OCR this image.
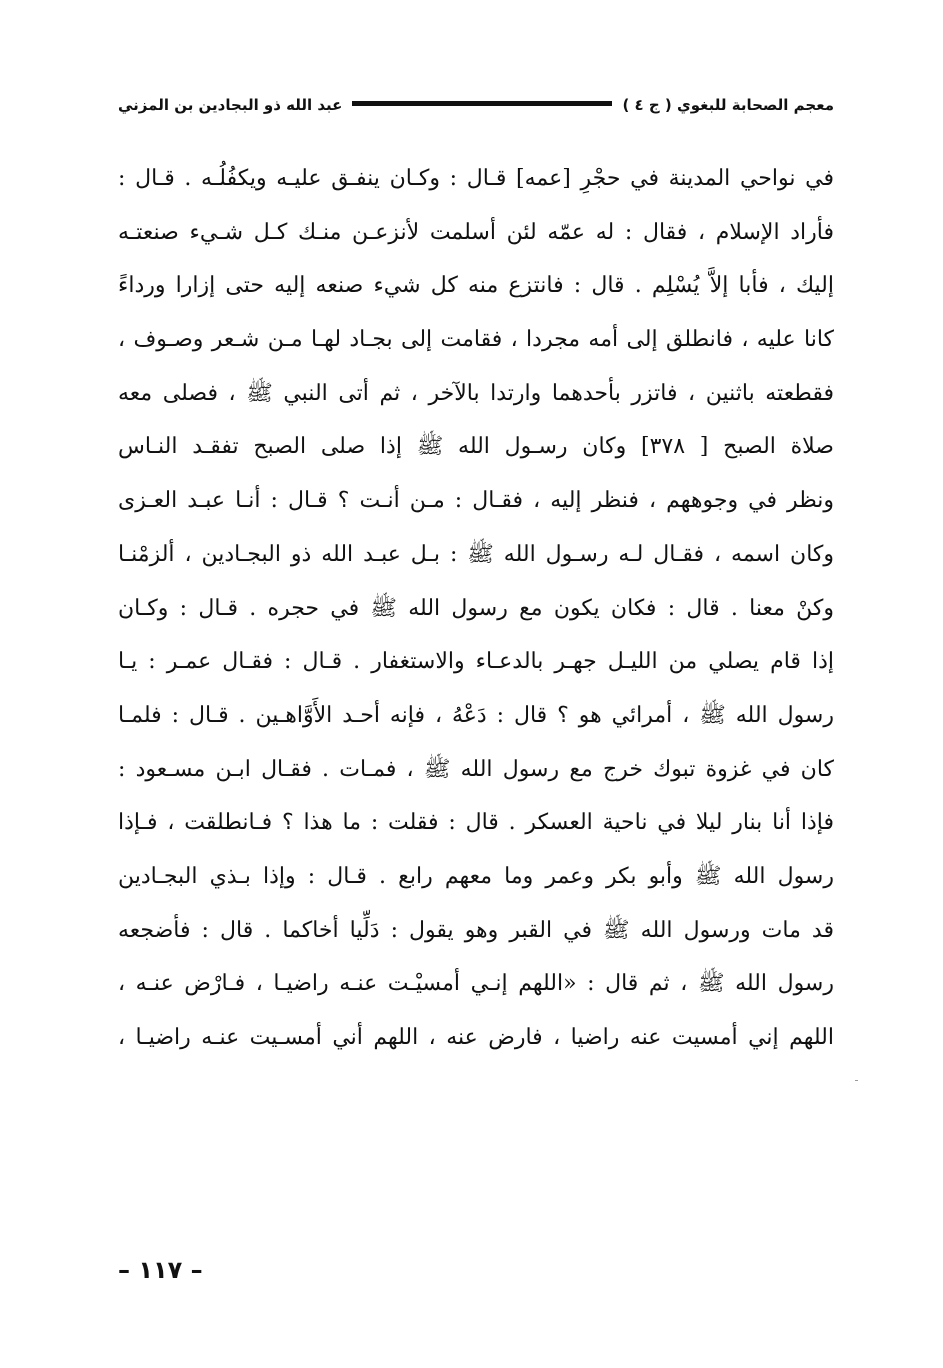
معجم الصحابة للبغوي ( ج ٤ )
عبد الله ذو البجادين بن المزني
في نواحي المدينة في حجْرِ [عمه] قـال : وكـان ينفـق عليـه ويكفُلُـه . قـال :
فأراد الإسلام ، فقال : له عمّه لئن أسلمت لأنزعـن منـك كـل شـيء صنعتـه
إليك ، فأبا إلاَّ يُسْلِم . قال : فانتزع منه كل شيء صنعه إليه حتى إزارا ورداءً
كانا عليه ، فانطلق إلى أمه مجردا ، فقامت إلى بجـاد لهـا مـن شـعر وصـوف ،
فقطعته باثنين ، فاتزر بأحدهما وارتدا بالآخر ، ثم أتى النبي ﷺ ، فصلى معه
صلاة الصبح [ ٣٧٨] وكان رسـول الله ﷺ إذا صلى الصبح تفقـد النـاس
ونظر في وجوههم ، فنظر إليه ، فقـال : مـن أنـت ؟ قـال : أنـا عبـد العـزى
وكان اسمه ، فقـال لـه رسـول الله ﷺ : بـل عبـد الله ذو البجـادين ، ألزمْنـا
وكنْ معنا . قال : فكان يكون مع رسول الله ﷺ في حجره . قـال : وكـان
إذا قام يصلي من الليـل جهـر بالدعـاء والاستغفار . قـال : فقـال عمـر : يـا
رسول الله ﷺ ، أمرائي هو ؟ قال : دَعْهُ ، فإنه أحـد الأَوَّاهـين . قـال : فلمـا
كان في غزوة تبوك خرج مع رسول الله ﷺ ، فمـات . فقـال ابـن مسـعود :
فإذا أنا بنار ليلا في ناحية العسكر . قال : فقلت : ما هذا ؟ فـانطلقت ، فـإذا
رسول الله ﷺ وأبو بكر وعمر وما معهم رابع . قـال : وإذا بـذي البجـادين
قد مات ورسول الله ﷺ في القبر وهو يقول : دَلِّيا أخاكما . قال : فأضجعه
رسول الله ﷺ ، ثم قال : «اللهم إنـي أمسيْـت عنـه راضيـا ، فـارْض عنـه ،
اللهم إني أمسيت عنه راضيا ، فارض عنه ، اللهم أني أمسـيت عنـه راضيـا ،
– ١١٧ –
